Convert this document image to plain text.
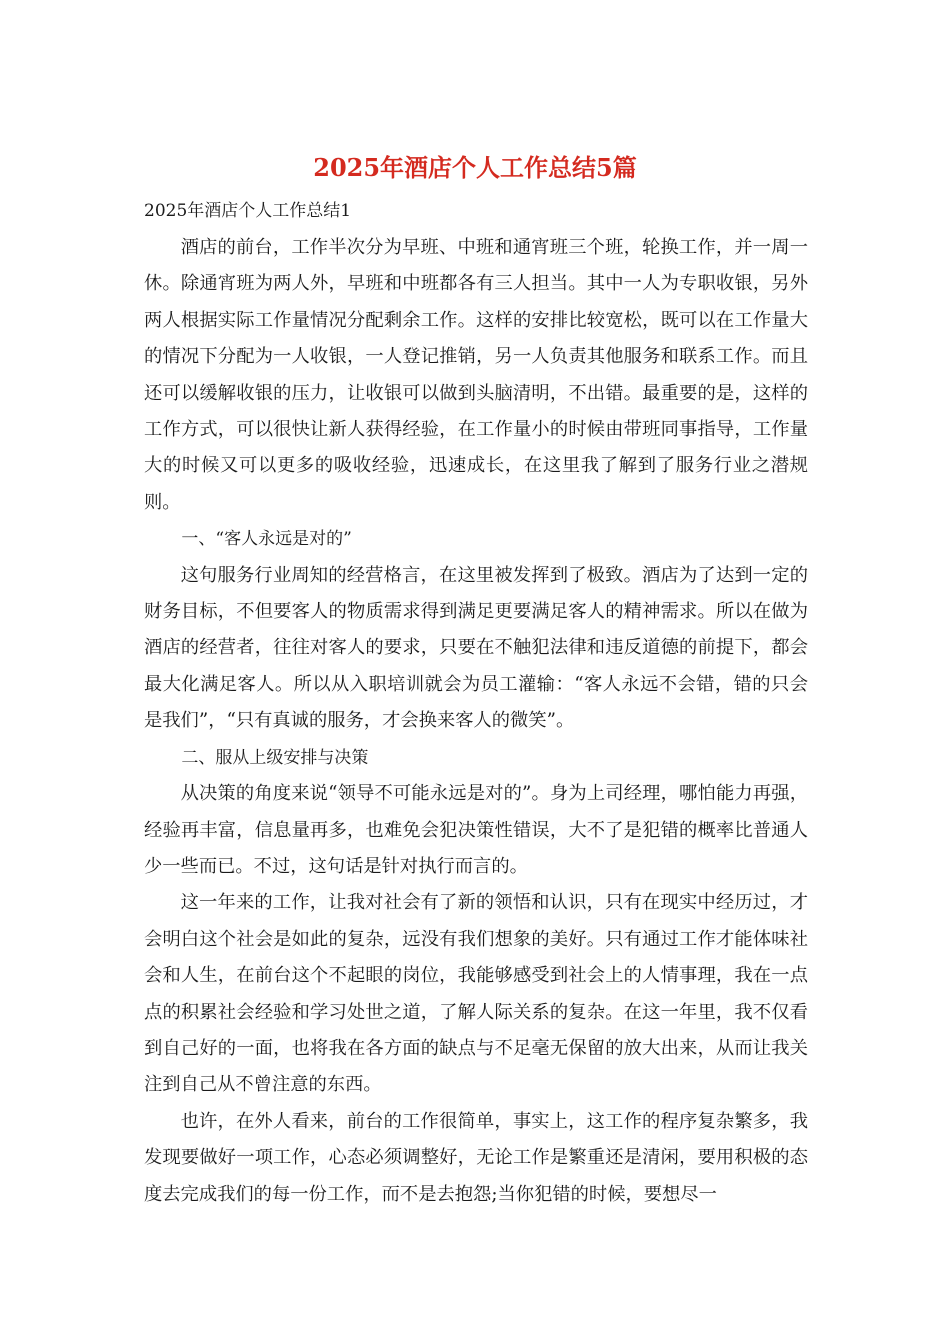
2025年酒店个人工作总结5篇

2025年酒店个人工作总结1

酒店的前台，工作半次分为早班、中班和通宵班三个班，轮换工作，并一周一休。除通宵班为两人外，早班和中班都各有三人担当。其中一人为专职收银，另外两人根据实际工作量情况分配剩余工作。这样的安排比较宽松，既可以在工作量大的情况下分配为一人收银，一人登记推销，另一人负责其他服务和联系工作。而且还可以缓解收银的压力，让收银可以做到头脑清明，不出错。最重要的是，这样的工作方式，可以很快让新人获得经验，在工作量小的时候由带班同事指导，工作量大的时候又可以更多的吸收经验，迅速成长，在这里我了解到了服务行业之潜规则。

一、“客人永远是对的”

这句服务行业周知的经营格言，在这里被发挥到了极致。酒店为了达到一定的财务目标，不但要客人的物质需求得到满足更要满足客人的精神需求。所以在做为酒店的经营者，往往对客人的要求，只要在不触犯法律和违反道德的前提下，都会最大化满足客人。所以从入职培训就会为员工灌输：“客人永远不会错，错的只会是我们”，“只有真诚的服务，才会换来客人的微笑”。

二、服从上级安排与决策

从决策的角度来说“领导不可能永远是对的”。身为上司经理，哪怕能力再强，经验再丰富，信息量再多，也难免会犯决策性错误，大不了是犯错的概率比普通人少一些而已。不过，这句话是针对执行而言的。

这一年来的工作，让我对社会有了新的领悟和认识，只有在现实中经历过，才会明白这个社会是如此的复杂，远没有我们想象的美好。只有通过工作才能体味社会和人生，在前台这个不起眼的岗位，我能够感受到社会上的人情事理，我在一点点的积累社会经验和学习处世之道，了解人际关系的复杂。在这一年里，我不仅看到自己好的一面，也将我在各方面的缺点与不足毫无保留的放大出来，从而让我关注到自己从不曾注意的东西。

也许，在外人看来，前台的工作很简单，事实上，这工作的程序复杂繁多，我发现要做好一项工作，心态必须调整好，无论工作是繁重还是清闲，要用积极的态度去完成我们的每一份工作，而不是去抱怨;当你犯错的时候，要想尽一
